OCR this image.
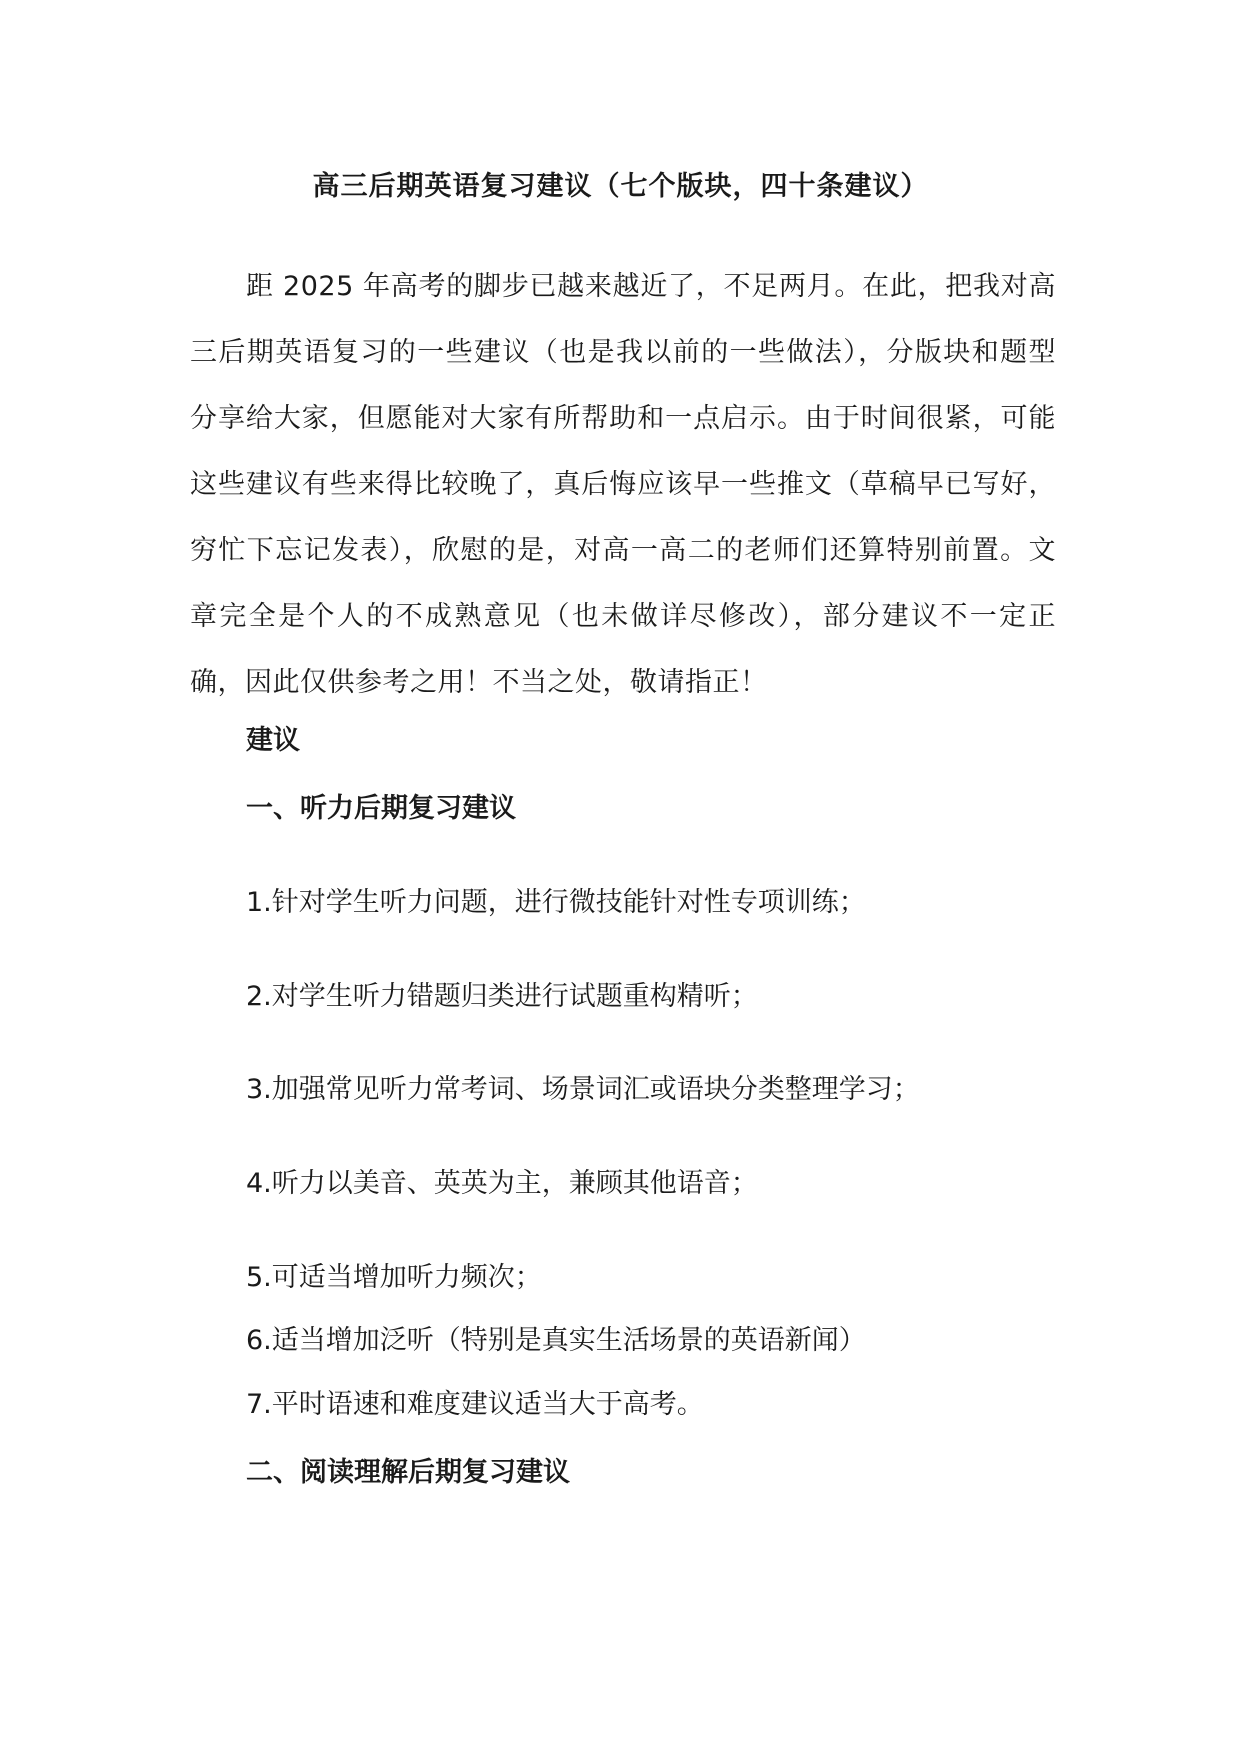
高三后期英语复习建议（七个版块，四十条建议）

距 2025 年高考的脚步已越来越近了，不足两月。在此，把我对高三后期英语复习的一些建议（也是我以前的一些做法），分版块和题型分享给大家，但愿能对大家有所帮助和一点启示。由于时间很紧，可能这些建议有些来得比较晚了，真后悔应该早一些推文（草稿早已写好，穷忙下忘记发表），欣慰的是，对高一高二的老师们还算特别前置。文章完全是个人的不成熟意见（也未做详尽修改），部分建议不一定正确，因此仅供参考之用！不当之处，敬请指正！

建议
一、听力后期复习建议
1.针对学生听力问题，进行微技能针对性专项训练；
2.对学生听力错题归类进行试题重构精听；
3.加强常见听力常考词、场景词汇或语块分类整理学习；
4.听力以美音、英英为主，兼顾其他语音；
5.可适当增加听力频次；
6.适当增加泛听（特别是真实生活场景的英语新闻）
7.平时语速和难度建议适当大于高考。
二、阅读理解后期复习建议
